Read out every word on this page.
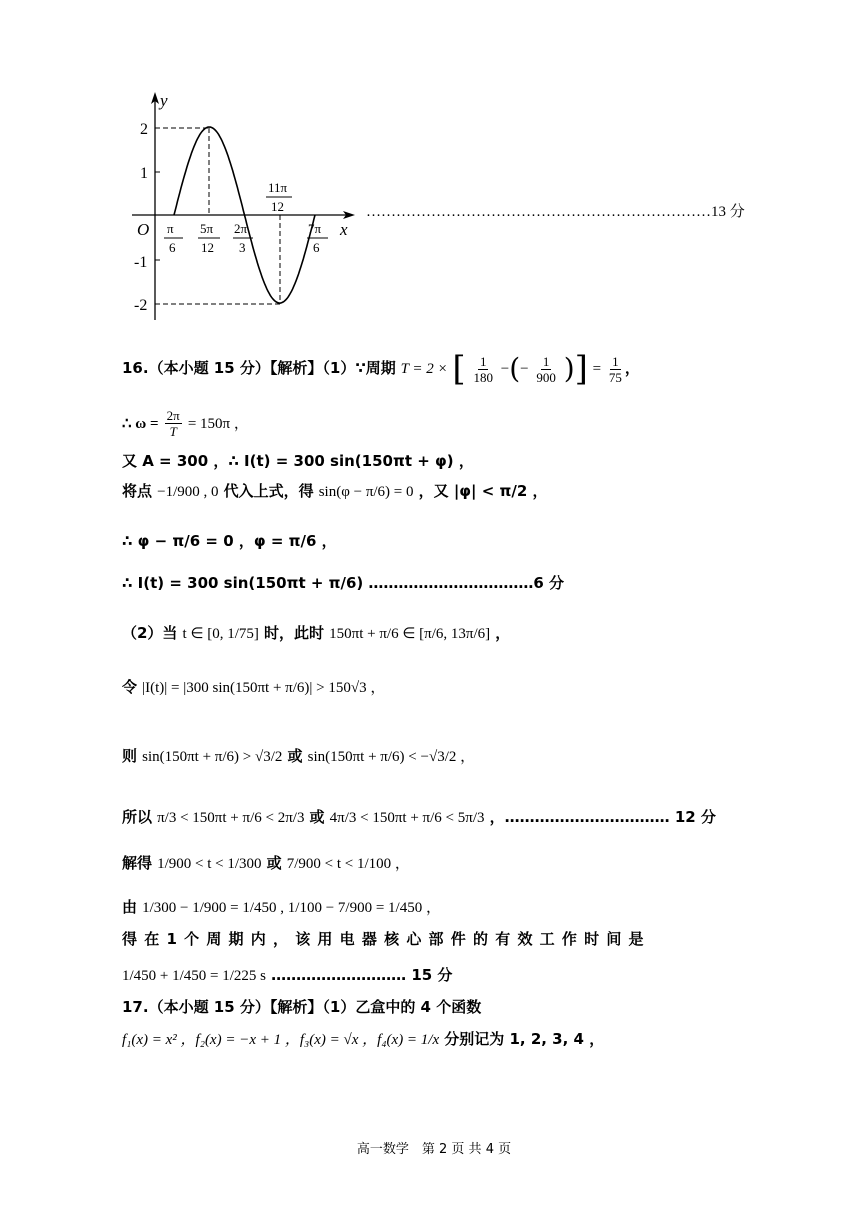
y
x
O
2
1
-1
-2
π
6
5π
12
2π
3
11π
12
7π
6
……………………………………………………………13 分
16.（本小题 15 分）【解析】（1）∵周期 T = 2 × [ $\frac{1}{180}$ −(− $\frac{1}{900}$ )] = $\frac{1}{75}$ ，
∴ $\omega = \frac{2\pi}{T} = 150\pi$ ，
又 A = 300 ，∴ I(t) = 300 sin(150πt + φ) ，
将点 −1/900 , 0 代入上式，得 sin(φ − π/6) = 0 ，又 |φ| < π/2 ，
∴ φ − π/6 = 0 ，φ = π/6 ，
∴ I(t) = 300 sin(150πt + π/6) ……………………………6 分
（2）当 t ∈ [0, 1/75] 时，此时 150πt + π/6 ∈ [π/6, 13π/6] ，
令 |I(t)| = |300 sin(150πt + π/6)| > 150√3 ，
则 sin(150πt + π/6) > √3/2 或 sin(150πt + π/6) < −√3/2 ，
所以 π/3 < 150πt + π/6 < 2π/3 或 4π/3 < 150πt + π/6 < 5π/3 ，…………………………… 12 分
解得 1/900 < t < 1/300 或 7/900 < t < 1/100 ，
由 1/300 − 1/900 = 1/450 , 1/100 − 7/900 = 1/450 ，
得 在 1 个 周 期 内 ， 该 用 电 器 核 心 部 件 的 有 效 工 作 时 间 是
1/450 + 1/450 = 1/225 s ……………………… 15 分
17.（本小题 15 分）【解析】（1）乙盒中的 4 个函数
f₁(x) = x² ，f₂(x) = −x + 1 ，f₃(x) = √x ，f₄(x) = 1/x 分别记为 1, 2, 3, 4 ，
高一数学　第 2 页 共 4 页
